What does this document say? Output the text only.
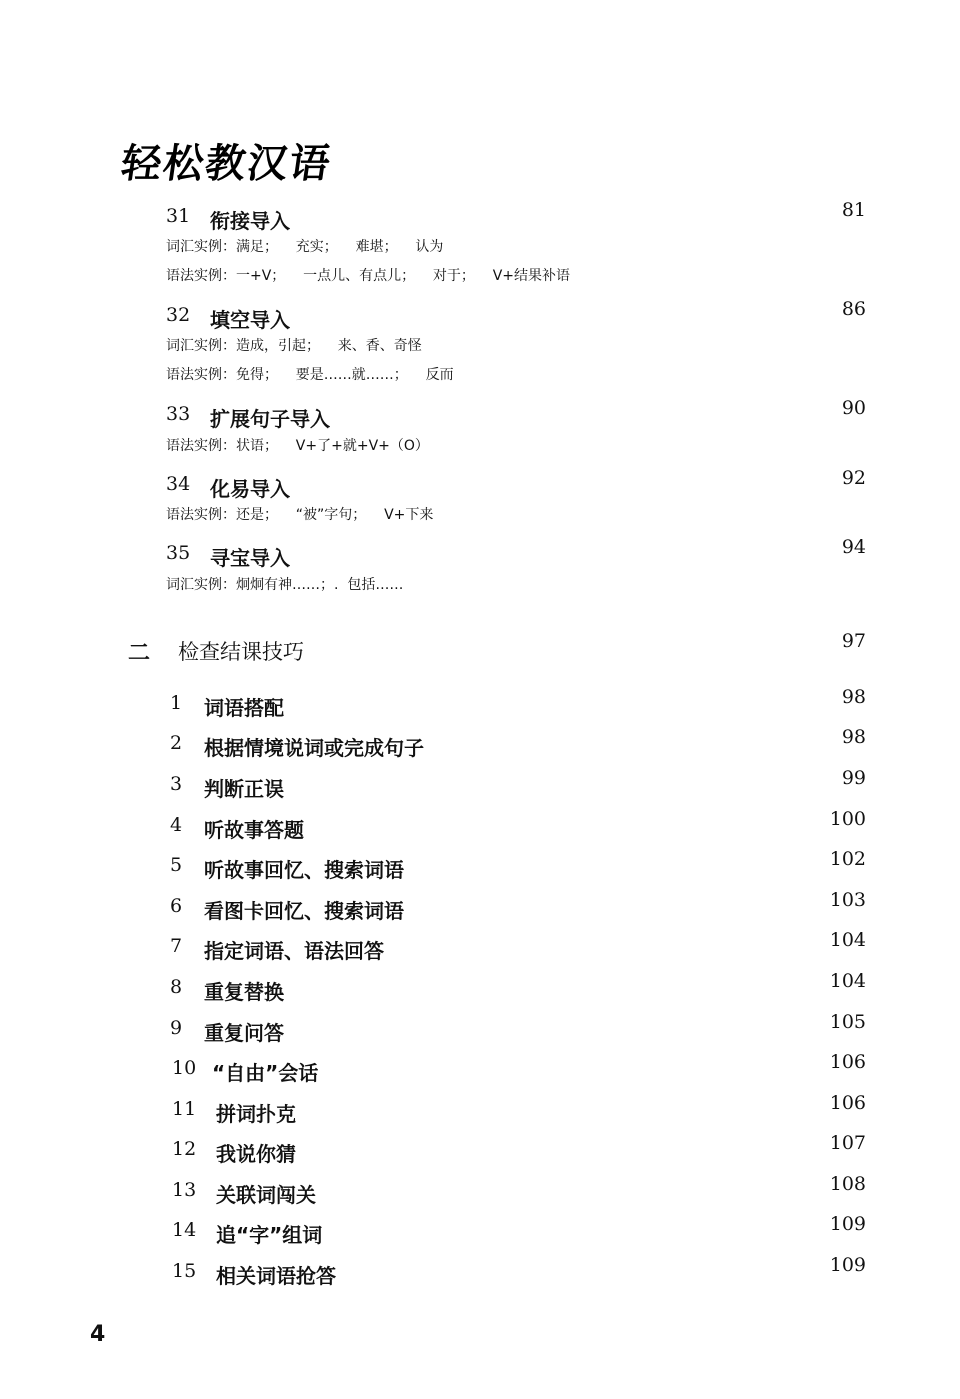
轻松教汉语
31 衔接导入	81
词汇实例：满足；    充实；    难堪；    认为
语法实例：一+V；    一点儿、有点儿；    对于；    V+结果补语
32 填空导入	86
词汇实例：造成，引起；    来、香、奇怪
语法实例：免得；    要是……就……；    反而
33 扩展句子导入	90
语法实例：状语；    V+了+就+V+（O）
34 化易导入	92
语法实例：还是；    “被”字句；    V+下来
35 寻宝导入	94
词汇实例：炯炯有神……；.  包括……
二 检查结课技巧	97
1 词语搭配	98
2 根据情境说词或完成句子	98
3 判断正误	99
4 听故事答题	100
5 听故事回忆、搜索词语	102
6 看图卡回忆、搜索词语	103
7 指定词语、语法回答	104
8 重复替换	104
9 重复问答	105
10 “自由”会话	106
11 拼词扑克	106
12 我说你猜	107
13 关联词闯关	108
14 追“字”组词	109
15 相关词语抢答	109
4
